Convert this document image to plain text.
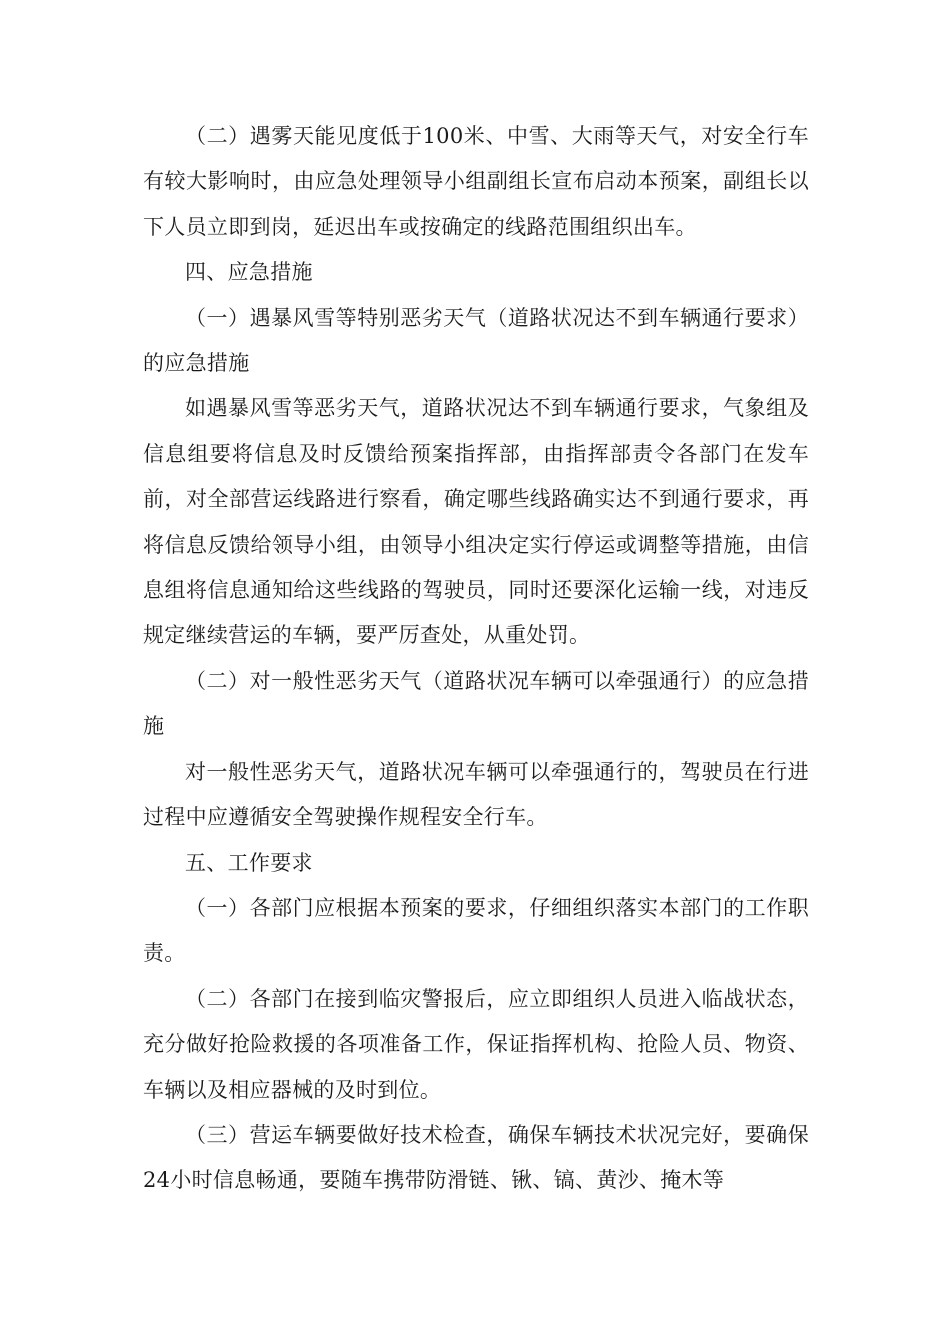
（二）遇雾天能见度低于100米、中雪、大雨等天气，对安全行车有较大影响时，由应急处理领导小组副组长宣布启动本预案，副组长以下人员立即到岗，延迟出车或按确定的线路范围组织出车。

四、应急措施

（一）遇暴风雪等特别恶劣天气（道路状况达不到车辆通行要求）的应急措施

如遇暴风雪等恶劣天气，道路状况达不到车辆通行要求，气象组及信息组要将信息及时反馈给预案指挥部，由指挥部责令各部门在发车前，对全部营运线路进行察看，确定哪些线路确实达不到通行要求，再将信息反馈给领导小组，由领导小组决定实行停运或调整等措施，由信息组将信息通知给这些线路的驾驶员，同时还要深化运输一线，对违反规定继续营运的车辆，要严厉查处，从重处罚。

（二）对一般性恶劣天气（道路状况车辆可以牵强通行）的应急措施

对一般性恶劣天气，道路状况车辆可以牵强通行的，驾驶员在行进过程中应遵循安全驾驶操作规程安全行车。

五、工作要求

（一）各部门应根据本预案的要求，仔细组织落实本部门的工作职责。

（二）各部门在接到临灾警报后，应立即组织人员进入临战状态，充分做好抢险救援的各项准备工作，保证指挥机构、抢险人员、物资、车辆以及相应器械的及时到位。

（三）营运车辆要做好技术检查，确保车辆技术状况完好，要确保24小时信息畅通，要随车携带防滑链、锹、镐、黄沙、掩木等
